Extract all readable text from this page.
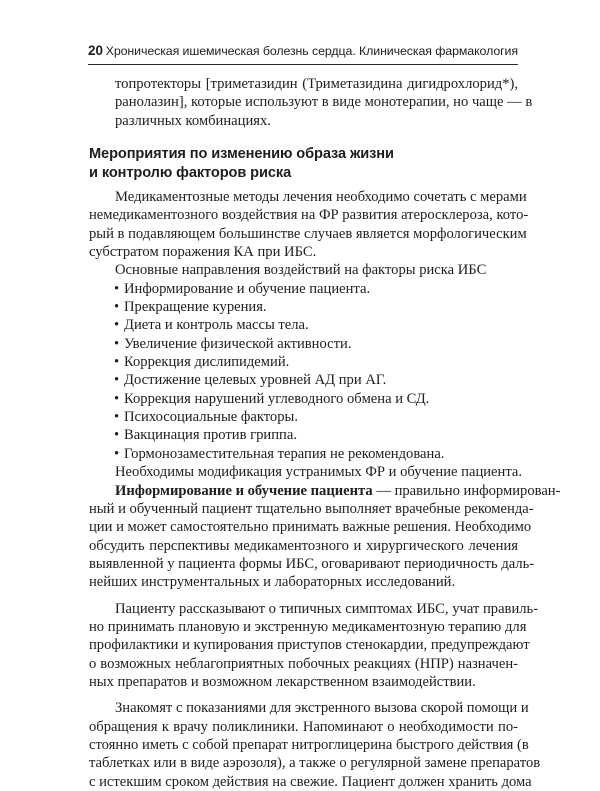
20 Хроническая ишемическая болезнь сердца. Клиническая фармакология
топротекторы [триметазидин (Триметазидина дигидрохлорид*),
ранолазин], которые используют в виде монотерапии, но чаще — в
различных комбинациях.
Мероприятия по изменению образа жизни
и контролю факторов риска
Медикаментозные методы лечения необходимо сочетать с мерами
немедикаментозного воздействия на ФР развития атеросклероза, кото-
рый в подавляющем большинстве случаев является морфологическим
субстратом поражения КА при ИБС.
Основные направления воздействий на факторы риска ИБС
• Информирование и обучение пациента.
• Прекращение курения.
• Диета и контроль массы тела.
• Увеличение физической активности.
• Коррекция дислипидемий.
• Достижение целевых уровней АД при АГ.
• Коррекция нарушений углеводного обмена и СД.
• Психосоциальные факторы.
• Вакцинация против гриппа.
• Гормонозаместительная терапия не рекомендована.
Необходимы модификация устранимых ФР и обучение пациента.
Информирование и обучение пациента — правильно информирован-
ный и обученный пациент тщательно выполняет врачебные рекоменда-
ции и может самостоятельно принимать важные решения. Необходимо
обсудить перспективы медикаментозного и хирургического лечения
выявленной у пациента формы ИБС, оговаривают периодичность даль-
нейших инструментальных и лабораторных исследований.
Пациенту рассказывают о типичных симптомах ИБС, учат правиль-
но принимать плановую и экстренную медикаментозную терапию для
профилактики и купирования приступов стенокардии, предупреждают
о возможных неблагоприятных побочных реакциях (НПР) назначен-
ных препаратов и возможном лекарственном взаимодействии.
Знакомят с показаниями для экстренного вызова скорой помощи и
обращения к врачу поликлиники. Напоминают о необходимости по-
стоянно иметь с собой препарат нитроглицерина быстрого действия (в
таблетках или в виде аэрозоля), а также о регулярной замене препаратов
с истекшим сроком действия на свежие. Пациент должен хранить дома
